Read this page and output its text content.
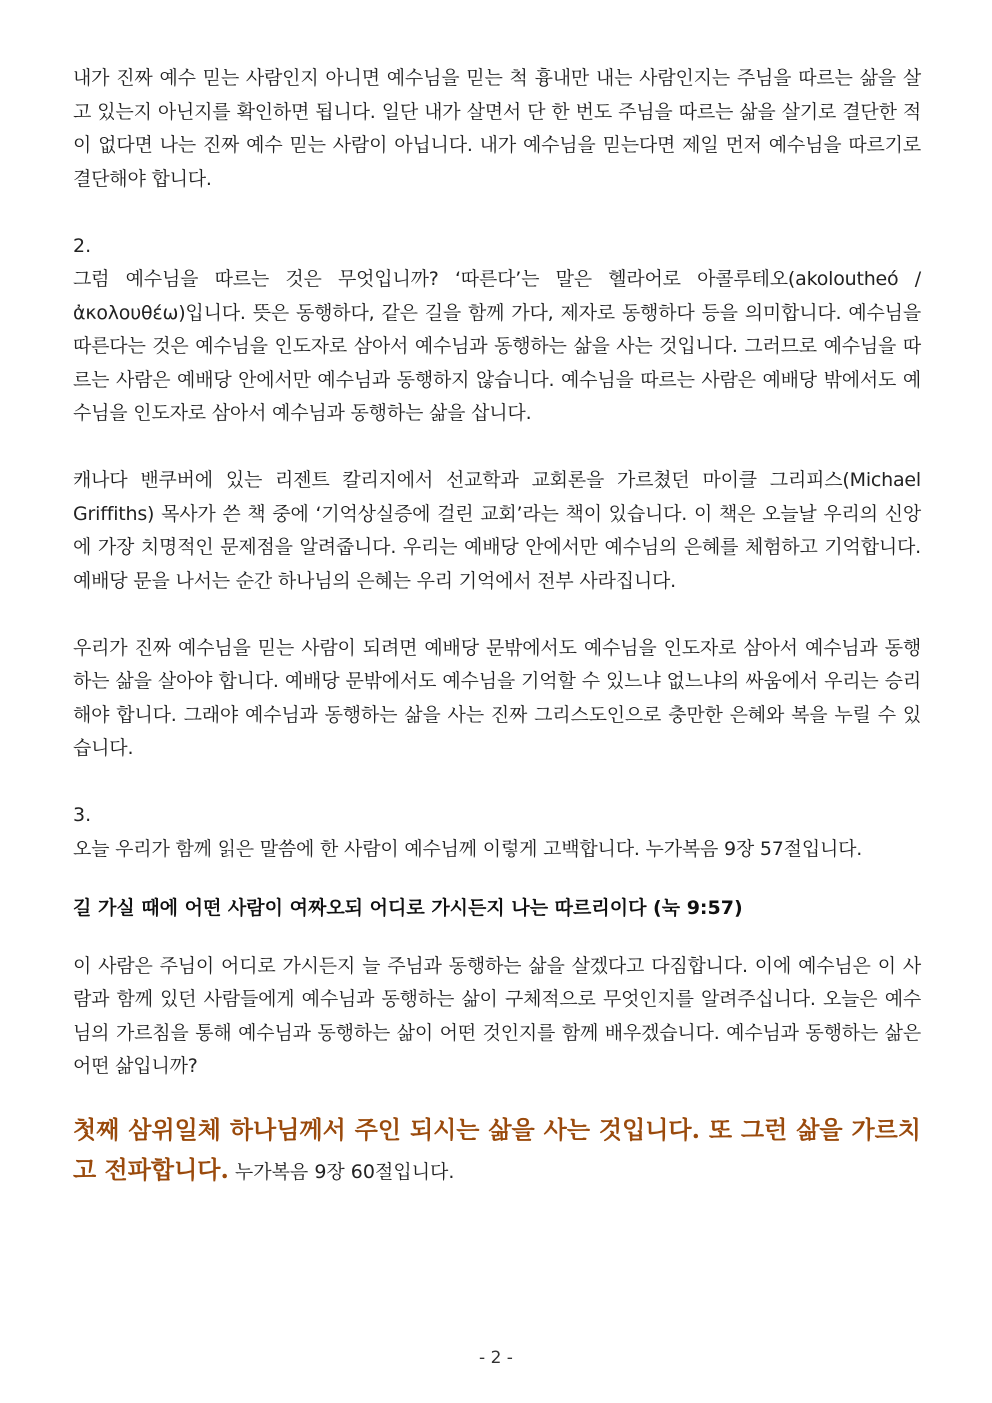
내가 진짜 예수 믿는 사람인지 아니면 예수님을 믿는 척 흉내만 내는 사람인지는 주님을 따르는 삶을 살고 있는지 아닌지를 확인하면 됩니다. 일단 내가 살면서 단 한 번도 주님을 따르는 삶을 살기로 결단한 적이 없다면 나는 진짜 예수 믿는 사람이 아닙니다. 내가 예수님을 믿는다면 제일 먼저 예수님을 따르기로 결단해야 합니다.

2.

그럼 예수님을 따르는 것은 무엇입니까? ‘따른다’는 말은 헬라어로 아콜루테오(akoloutheó / ἀκολουθέω)입니다. 뜻은 동행하다, 같은 길을 함께 가다, 제자로 동행하다 등을 의미합니다. 예수님을 따른다는 것은 예수님을 인도자로 삼아서 예수님과 동행하는 삶을 사는 것입니다. 그러므로 예수님을 따르는 사람은 예배당 안에서만 예수님과 동행하지 않습니다. 예수님을 따르는 사람은 예배당 밖에서도 예수님을 인도자로 삼아서 예수님과 동행하는 삶을 삽니다.

캐나다 밴쿠버에 있는 리젠트 칼리지에서 선교학과 교회론을 가르쳤던 마이클 그리피스(Michael Griffiths) 목사가 쓴 책 중에 ‘기억상실증에 걸린 교회’라는 책이 있습니다. 이 책은 오늘날 우리의 신앙에 가장 치명적인 문제점을 알려줍니다. 우리는 예배당 안에서만 예수님의 은혜를 체험하고 기억합니다. 예배당 문을 나서는 순간 하나님의 은혜는 우리 기억에서 전부 사라집니다.

우리가 진짜 예수님을 믿는 사람이 되려면 예배당 문밖에서도 예수님을 인도자로 삼아서 예수님과 동행하는 삶을 살아야 합니다. 예배당 문밖에서도 예수님을 기억할 수 있느냐 없느냐의 싸움에서 우리는 승리해야 합니다. 그래야 예수님과 동행하는 삶을 사는 진짜 그리스도인으로 충만한 은혜와 복을 누릴 수 있습니다.

3.

오늘 우리가 함께 읽은 말씀에 한 사람이 예수님께 이렇게 고백합니다. 누가복음 9장 57절입니다.

길 가실 때에 어떤 사람이 여짜오되 어디로 가시든지 나는 따르리이다 (눅 9:57)

이 사람은 주님이 어디로 가시든지 늘 주님과 동행하는 삶을 살겠다고 다짐합니다. 이에 예수님은 이 사람과 함께 있던 사람들에게 예수님과 동행하는 삶이 구체적으로 무엇인지를 알려주십니다. 오늘은 예수님의 가르침을 통해 예수님과 동행하는 삶이 어떤 것인지를 함께 배우겠습니다. 예수님과 동행하는 삶은 어떤 삶입니까?

첫째 삼위일체 하나님께서 주인 되시는 삶을 사는 것입니다. 또 그런 삶을 가르치고 전파합니다. 누가복음 9장 60절입니다.

- 2 -
